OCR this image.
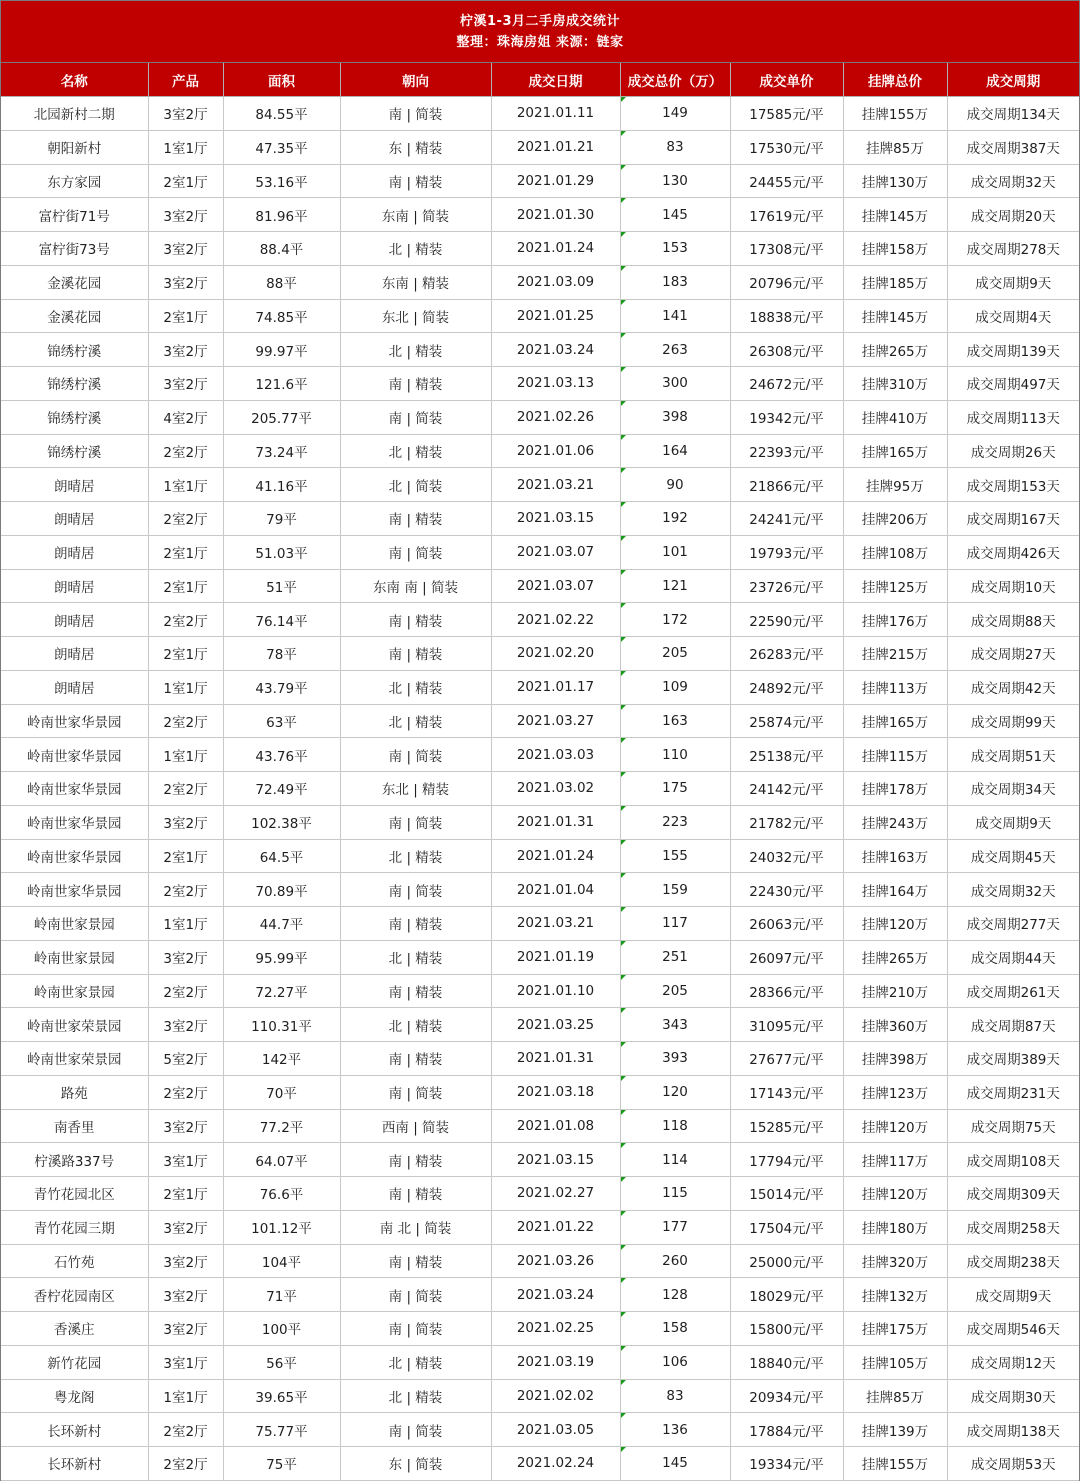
柠溪1-3月二手房成交统计
整理：珠海房姐 来源：链家
名称	产品	面积	朝向	成交日期	成交总价（万）	成交单价	挂牌总价	成交周期
北园新村二期	3室2厅	84.55平	南 | 简装	2021.01.11	149	17585元/平	挂牌155万	成交周期134天
朝阳新村	1室1厅	47.35平	东 | 精装	2021.01.21	83	17530元/平	挂牌85万	成交周期387天
东方家园	2室1厅	53.16平	南 | 精装	2021.01.29	130	24455元/平	挂牌130万	成交周期32天
富柠街71号	3室2厅	81.96平	东南 | 简装	2021.01.30	145	17619元/平	挂牌145万	成交周期20天
富柠街73号	3室2厅	88.4平	北 | 精装	2021.01.24	153	17308元/平	挂牌158万	成交周期278天
金溪花园	3室2厅	88平	东南 | 精装	2021.03.09	183	20796元/平	挂牌185万	成交周期9天
金溪花园	2室1厅	74.85平	东北 | 简装	2021.01.25	141	18838元/平	挂牌145万	成交周期4天
锦绣柠溪	3室2厅	99.97平	北 | 精装	2021.03.24	263	26308元/平	挂牌265万	成交周期139天
锦绣柠溪	3室2厅	121.6平	南 | 精装	2021.03.13	300	24672元/平	挂牌310万	成交周期497天
锦绣柠溪	4室2厅	205.77平	南 | 简装	2021.02.26	398	19342元/平	挂牌410万	成交周期113天
锦绣柠溪	2室2厅	73.24平	北 | 精装	2021.01.06	164	22393元/平	挂牌165万	成交周期26天
朗晴居	1室1厅	41.16平	北 | 简装	2021.03.21	90	21866元/平	挂牌95万	成交周期153天
朗晴居	2室2厅	79平	南 | 精装	2021.03.15	192	24241元/平	挂牌206万	成交周期167天
朗晴居	2室1厅	51.03平	南 | 简装	2021.03.07	101	19793元/平	挂牌108万	成交周期426天
朗晴居	2室1厅	51平	东南 南 | 简装	2021.03.07	121	23726元/平	挂牌125万	成交周期10天
朗晴居	2室2厅	76.14平	南 | 精装	2021.02.22	172	22590元/平	挂牌176万	成交周期88天
朗晴居	2室1厅	78平	南 | 精装	2021.02.20	205	26283元/平	挂牌215万	成交周期27天
朗晴居	1室1厅	43.79平	北 | 精装	2021.01.17	109	24892元/平	挂牌113万	成交周期42天
岭南世家华景园	2室2厅	63平	北 | 精装	2021.03.27	163	25874元/平	挂牌165万	成交周期99天
岭南世家华景园	1室1厅	43.76平	南 | 简装	2021.03.03	110	25138元/平	挂牌115万	成交周期51天
岭南世家华景园	2室2厅	72.49平	东北 | 精装	2021.03.02	175	24142元/平	挂牌178万	成交周期34天
岭南世家华景园	3室2厅	102.38平	南 | 简装	2021.01.31	223	21782元/平	挂牌243万	成交周期9天
岭南世家华景园	2室1厅	64.5平	北 | 精装	2021.01.24	155	24032元/平	挂牌163万	成交周期45天
岭南世家华景园	2室2厅	70.89平	南 | 简装	2021.01.04	159	22430元/平	挂牌164万	成交周期32天
岭南世家景园	1室1厅	44.7平	南 | 精装	2021.03.21	117	26063元/平	挂牌120万	成交周期277天
岭南世家景园	3室2厅	95.99平	北 | 精装	2021.01.19	251	26097元/平	挂牌265万	成交周期44天
岭南世家景园	2室2厅	72.27平	南 | 精装	2021.01.10	205	28366元/平	挂牌210万	成交周期261天
岭南世家荣景园	3室2厅	110.31平	北 | 精装	2021.03.25	343	31095元/平	挂牌360万	成交周期87天
岭南世家荣景园	5室2厅	142平	南 | 精装	2021.01.31	393	27677元/平	挂牌398万	成交周期389天
路苑	2室2厅	70平	南 | 简装	2021.03.18	120	17143元/平	挂牌123万	成交周期231天
南香里	3室2厅	77.2平	西南 | 简装	2021.01.08	118	15285元/平	挂牌120万	成交周期75天
柠溪路337号	3室1厅	64.07平	南 | 精装	2021.03.15	114	17794元/平	挂牌117万	成交周期108天
青竹花园北区	2室1厅	76.6平	南 | 精装	2021.02.27	115	15014元/平	挂牌120万	成交周期309天
青竹花园三期	3室2厅	101.12平	南 北 | 简装	2021.01.22	177	17504元/平	挂牌180万	成交周期258天
石竹苑	3室2厅	104平	南 | 精装	2021.03.26	260	25000元/平	挂牌320万	成交周期238天
香柠花园南区	3室2厅	71平	南 | 简装	2021.03.24	128	18029元/平	挂牌132万	成交周期9天
香溪庄	3室2厅	100平	南 | 简装	2021.02.25	158	15800元/平	挂牌175万	成交周期546天
新竹花园	3室1厅	56平	北 | 精装	2021.03.19	106	18840元/平	挂牌105万	成交周期12天
粤龙阁	1室1厅	39.65平	北 | 精装	2021.02.02	83	20934元/平	挂牌85万	成交周期30天
长环新村	2室2厅	75.77平	南 | 简装	2021.03.05	136	17884元/平	挂牌139万	成交周期138天
长环新村	2室2厅	75平	东 | 简装	2021.02.24	145	19334元/平	挂牌155万	成交周期53天
